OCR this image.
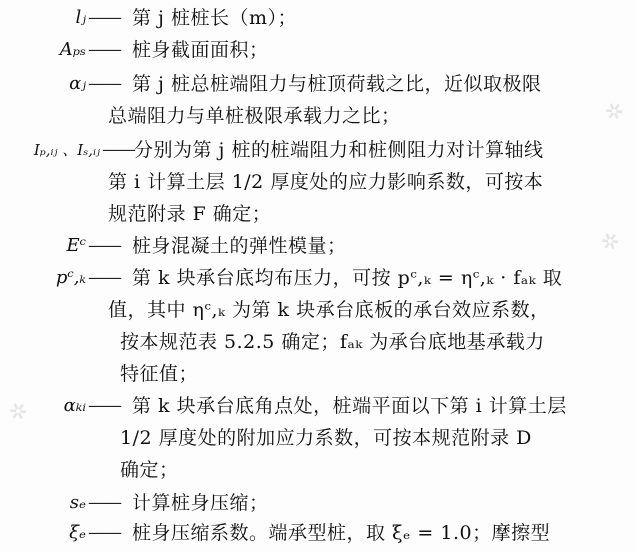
lⱼ —— 第 j 桩桩长（m）；
Aₚₛ —— 桩身截面面积；
αⱼ —— 第 j 桩总桩端阻力与桩顶荷载之比，近似取极限
总端阻力与单桩极限承载力之比；
Iₚ,ᵢⱼ 、Iₛ,ᵢⱼ —— 分别为第 j 桩的桩端阻力和桩侧阻力对计算轴线
第 i 计算土层 1/2 厚度处的应力影响系数，可按本
规范附录 F 确定；
Eᶜ —— 桩身混凝土的弹性模量；
pᶜ,ₖ —— 第 k 块承台底均布压力，可按 pᶜ,ₖ = ηᶜ,ₖ · fₐₖ 取
值，其中 ηᶜ,ₖ 为第 k 块承台底板的承台效应系数，
按本规范表 5.2.5 确定；fₐₖ 为承台底地基承载力
特征值；
αₖᵢ —— 第 k 块承台底角点处，桩端平面以下第 i 计算土层
1/2 厚度处的附加应力系数，可按本规范附录 D
确定；
sₑ —— 计算桩身压缩；
ξₑ —— 桩身压缩系数。端承型桩，取 ξₑ = 1.0；摩擦型
✲
✲
✲
